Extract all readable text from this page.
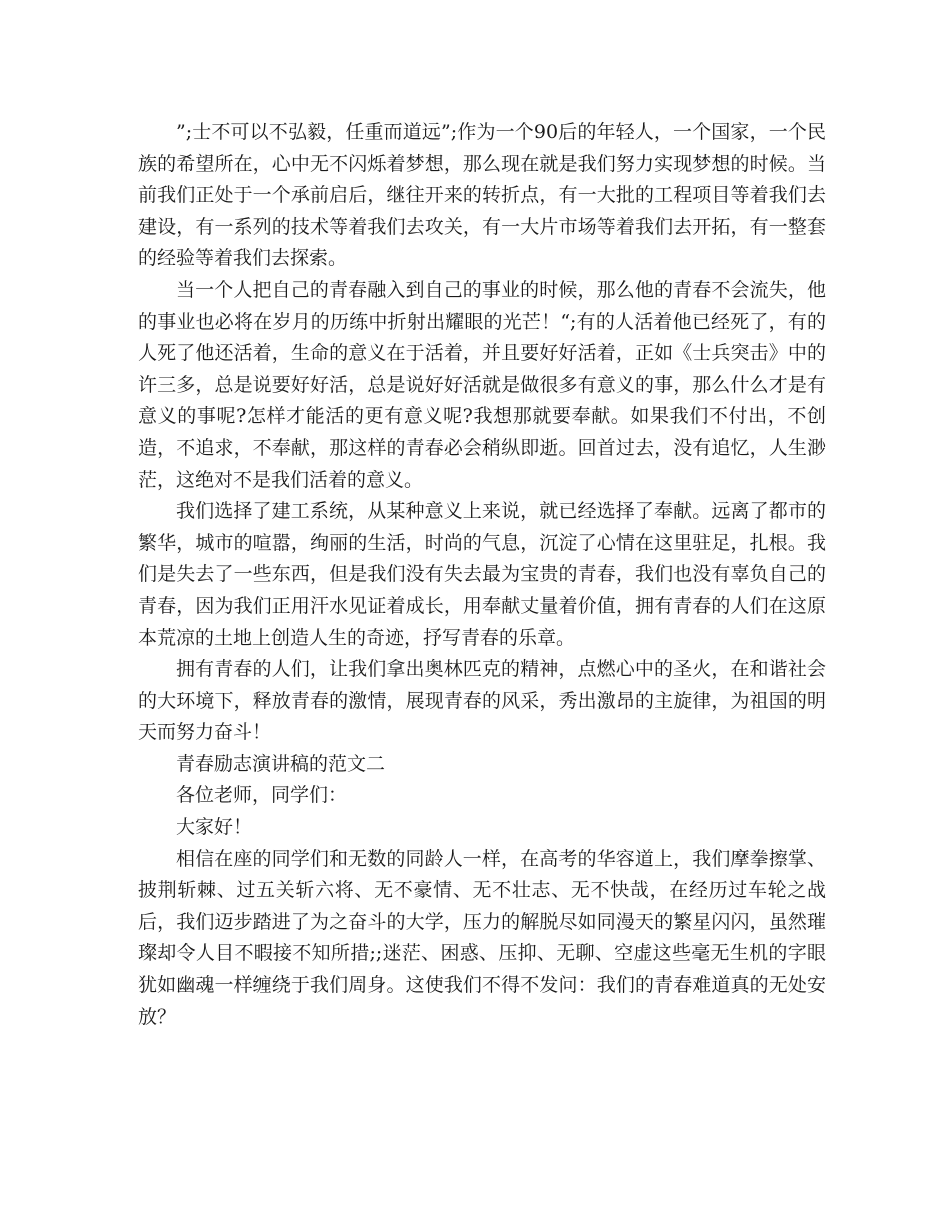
”;士不可以不弘毅，任重而道远”;作为一个90后的年轻人，一个国家，一个民族的希望所在，心中无不闪烁着梦想，那么现在就是我们努力实现梦想的时候。当前我们正处于一个承前启后，继往开来的转折点，有一大批的工程项目等着我们去建设，有一系列的技术等着我们去攻关，有一大片市场等着我们去开拓，有一整套的经验等着我们去探索。

当一个人把自己的青春融入到自己的事业的时候，那么他的青春不会流失，他的事业也必将在岁月的历练中折射出耀眼的光芒！“;有的人活着他已经死了，有的人死了他还活着，生命的意义在于活着，并且要好好活着，正如《士兵突击》中的许三多，总是说要好好活，总是说好好活就是做很多有意义的事，那么什么才是有意义的事呢?怎样才能活的更有意义呢?我想那就要奉献。如果我们不付出，不创造，不追求，不奉献，那这样的青春必会稍纵即逝。回首过去，没有追忆，人生渺茫，这绝对不是我们活着的意义。

我们选择了建工系统，从某种意义上来说，就已经选择了奉献。远离了都市的繁华，城市的喧嚣，绚丽的生活，时尚的气息，沉淀了心情在这里驻足，扎根。我们是失去了一些东西，但是我们没有失去最为宝贵的青春，我们也没有辜负自己的青春，因为我们正用汗水见证着成长，用奉献丈量着价值，拥有青春的人们在这原本荒凉的土地上创造人生的奇迹，抒写青春的乐章。

拥有青春的人们，让我们拿出奥林匹克的精神，点燃心中的圣火，在和谐社会的大环境下，释放青春的激情，展现青春的风采，秀出激昂的主旋律，为祖国的明天而努力奋斗！

青春励志演讲稿的范文二

各位老师，同学们：

大家好！

相信在座的同学们和无数的同龄人一样，在高考的华容道上，我们摩拳擦掌、披荆斩棘、过五关斩六将、无不豪情、无不壮志、无不快哉，在经历过车轮之战后，我们迈步踏进了为之奋斗的大学，压力的解脱尽如同漫天的繁星闪闪，虽然璀璨却令人目不暇接不知所措;;迷茫、困惑、压抑、无聊、空虚这些毫无生机的字眼犹如幽魂一样缠绕于我们周身。这使我们不得不发问：我们的青春难道真的无处安放？
